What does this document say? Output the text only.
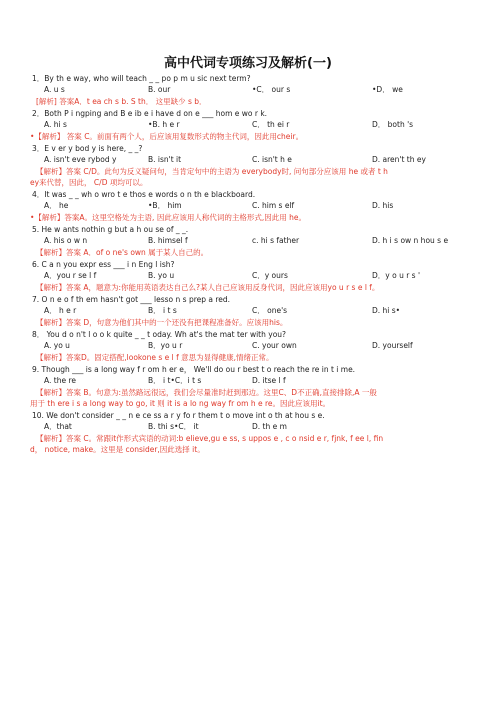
高中代词专项练习及解析(一)
1．By th e way, who will teach _ _ po p m u sic next term?
A. u s	B. our	•C． our s	•D． we
[解析] 答案A．t ea ch s b. S th． 这里缺少 s b．
2．Both P i ngping and B e ib e i have d on e ___ hom e wo r k.
A. hi s	•B. h e r	C． th ei r	D． both 's
•【解析】 答案 C。前面有两个人，后应该用复数形式的物主代词，因此用cheir。
3．E v er y bod y is here, _ _?
A. isn't eve rybod y	B. isn't it	C. isn't h e	D. aren't th ey
【解析】答案 C/D。此句为反义疑问句，当肯定句中的主语为 everybody时, 问句部分应该用 he 或者 t h
ey来代替，因此， C/D 项均可以。
4．It was _ _ wh o wro t e thos e words o n th e blackboard.
A． he	•B． him	C. him s elf	D. his
•【解析】答案A。这里空格处为主语, 因此应该用人称代词的主格形式,因此用 he。
5. He w ants nothin g but a h ou se of _ _.
A. his o w n	B. himsel f	c. hi s father	D. h i s ow n hou s e
【解析】答案 A．of o ne's own 属于某人自己的。
6. C a n you expr ess ___ i n Eng l ish?
A．you r se l f	B. yo u	C．y ours	D．y o u r s '
【解析】答案 A，题意为:你能用英语表达自己么?某人自己应该用反身代词，因此应该用yo u r s e l f。
7. O n e o f th em hasn't got ___ lesso n s prep a red.
A． h e r	B． i t s	C． one's	D. hi s•
【解析】答案 D，句意为他们其中的一个还没有把课程准备好。应该用his。
8． You d o n't l o o k quite _ _ t oday. Wh at's the mat ter with you?
A. yo u	B．yo u r	C. your own	D. yourself
【解析】答案D。固定搭配,lookone s e l f 意思为显得健康,情绪正常。
9. Though ___ is a long way f r om h er e， We'll do ou r best t o reach the re in t i me.
A. the re	B． i t•C．i t s	D. itse l f
【解析】答案 B。句意为:虽然路远很远，我们会尽量准时赶到那边。这里C、D不正确,直接排除,A 一般
用于 th ere i s a long way to go, it 则 it is a lo ng way fr om h e re。因此应该用it。
10. We don't consider _ _ n e ce ss a r y fo r them t o move int o th at hou s e.
A．that	B. thi s•C． it	D. th e m
【解析】答案 C。常跟it作形式宾语的动词:b elieve,gu e ss, s uppos e , c o nsid e r, fjnk, f ee l, fin
d， notice, make。这里是 consider,因此选择 it。
